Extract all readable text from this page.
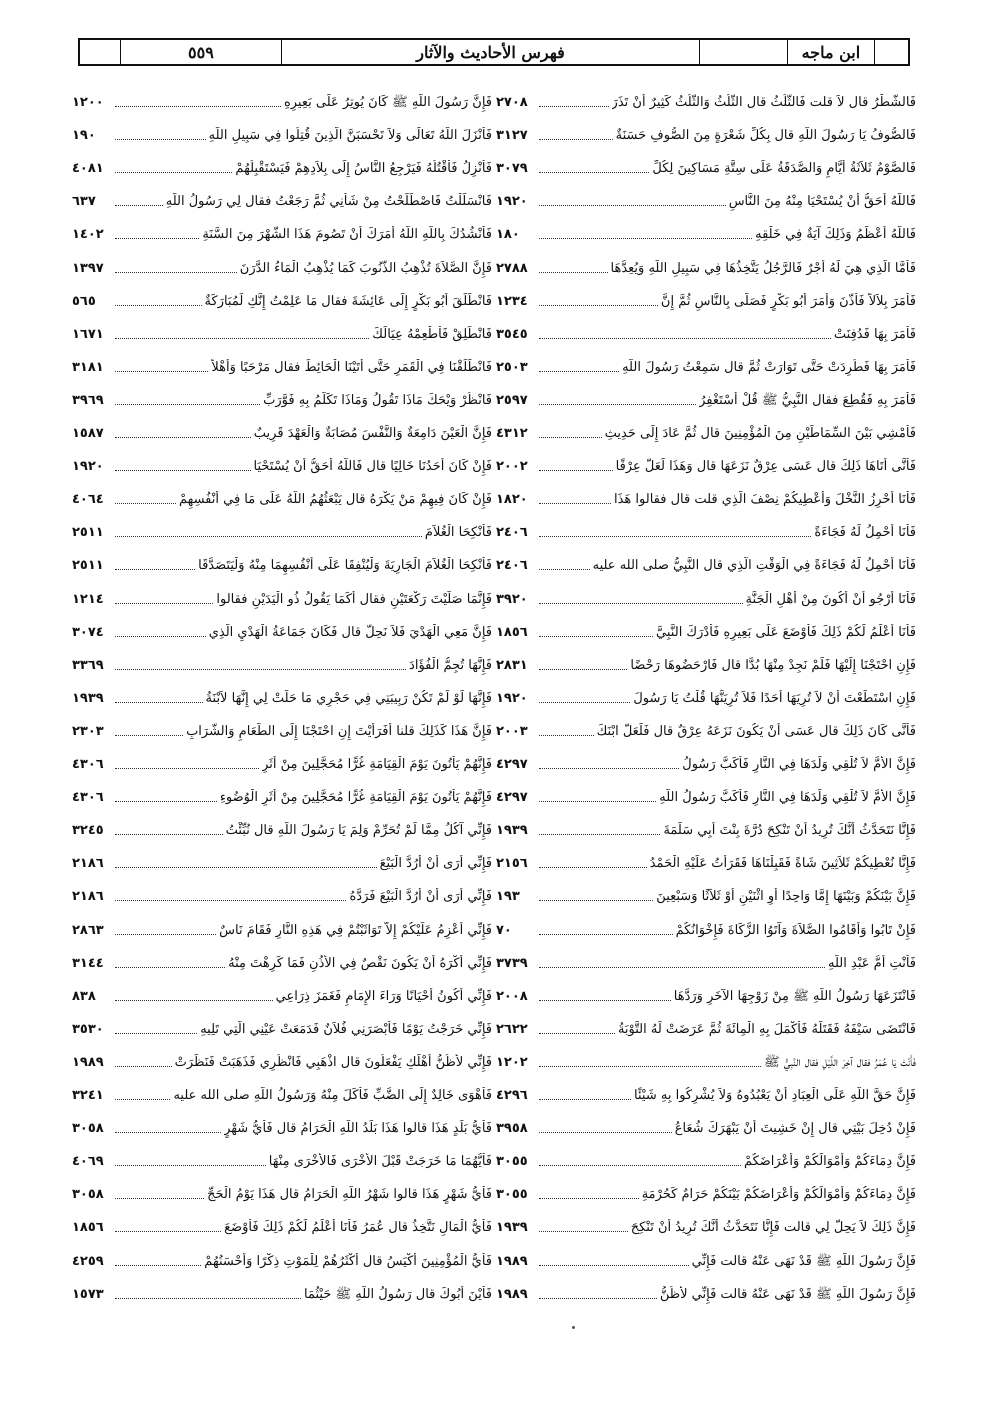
٥٥٩	فهرس الأحاديث والآثار	ابن ماجه
فَالشَّطْرُ قال لاَ قلت فَالثُّلُثُ قال الثُّلُثُ وَالثُّلُثُ كَثِيرٌ أَنْ تَذَرَ
٢٧٠٨
فَالصُّوفُ يَا رَسُولَ اللّهِ قال بِكُلِّ شَعْرَةٍ مِنَ الصُّوفِ حَسَنَةٌ
٣١٢٧
فَالصَّوْمُ ثَلاَثَةُ أَيَّامٍ وَالصَّدَقَةُ عَلَى سِتَّةِ مَسَاكِينَ لِكُلِّ
٣٠٧٩
فَاللّهُ أَحَقُّ أَنْ يُسْتَحْيَا مِنْهُ مِنَ النَّاسِ
١٩٢٠
فَاللّهُ أَعْظَمُ وَذَلِكَ آيَةٌ فِي خَلْقِهِ
١٨٠
فَأَمَّا الَّذِي هِيَ لَهُ أَجْرٌ فَالرَّجُلُ يَتَّخِذُهَا فِي سَبِيلِ اللّهِ وَيُعِدُّهَا
٢٧٨٨
فَأَمَرَ بِلاَلاً فَأَذَّنَ وَأَمَرَ أَبُو بَكْرٍ فَصَلَّى بِالنَّاسِ ثُمَّ إِنَّ
١٢٣٤
فَأَمَرَ بِهَا فَدُفِنَتْ
٣٥٤٥
فَأَمَرَ بِهَا فَطُرِدَتْ حَتَّى تَوَارَتْ ثُمَّ قال سَمِعْتُ رَسُولَ اللّهِ
٢٥٠٣
فَأَمَرَ بِهِ فَقُطِعَ فقال النَّبِيُّ ﷺ قُلْ أَسْتَغْفِرُ
٢٥٩٧
فَأَمْشِي بَيْنَ السِّمَاطَيْنِ مِنَ الْمُؤْمِنِينَ قال ثُمَّ عَادَ إِلَى حَدِيثِ
٤٣١٢
فَأَنَّى أَتَاهَا ذَلِكَ قال عَسَى عِرْقٌ نَزَعَهَا قال وَهَذَا لَعَلَّ عِرْقًا
٢٠٠٢
فَأَنَا أُحْرِزُ النَّخْلَ وَأُعْطِيكُمْ نِصْفَ الَّذِي قلت قال فقالوا هَذَا
١٨٢٠
فَأَنَا أَحْمِلُ لَهُ فَجَاءَةً
٢٤٠٦
فَأَنَا أَحْمِلُ لَهُ فَجَاءَةً فِي الْوَقْتِ الَّذِي قال النَّبِيُّ صلى الله عليه
٢٤٠٦
فَأَنَا أَرْجُو أَنْ أَكُونَ مِنْ أَهْلِ الْجَنَّةِ
٣٩٢٠
فَأَنَا أَعْلَمُ لَكُمْ ذَلِكَ فَأَوْضَعَ عَلَى بَعِيرِهِ فَأَدْرَكَ النَّبِيَّ
١٨٥٦
فَإِنِ احْتَجْنَا إِلَيْهَا فَلَمْ نَجِدْ مِنْهَا بُدًّا قال فَارْحَضُوهَا رَحْضًا
٢٨٣١
فَإِنِ اسْتَطَعْتَ أَنْ لاَ تُرِيَهَا أَحَدًا فَلاَ تُرِيَنَّهَا قُلْتُ يَا رَسُولَ
١٩٢٠
فَأَنَّى كَانَ ذَلِكَ قال عَسَى أَنْ يَكُونَ نَزَعَهُ عِرْقٌ قال فَلَعَلَّ ابْنَكَ
٢٠٠٣
فَإِنَّ الأُمَّ لاَ تُلْقِي وَلَدَهَا فِي النَّارِ فَأَكَبَّ رَسُولُ
٤٢٩٧
فَإِنَّ الأُمَّ لاَ تُلْقِي وَلَدَهَا فِي النَّارِ فَأَكَبَّ رَسُولُ اللّهِ
٤٢٩٧
فَإِنَّا نَتَحَدَّثُ أَنَّكَ تُرِيدُ أَنْ تَنْكِحَ دُرَّةَ بِنْتَ أَبِي سَلَمَةَ
١٩٣٩
فَإِنَّا نُعْطِيكُمْ ثَلاَثِينَ شَاةً فَقَبِلْنَاهَا فَقَرَأْتُ عَلَيْهِ الْحَمْدُ
٢١٥٦
فَإِنَّ بَيْنَكُمْ وَبَيْنَهَا إِمَّا وَاحِدًا أَوِ اثْنَيْنِ أَوْ ثَلاَثًا وَسَبْعِينَ
١٩٣
فَإِنْ تَابُوا وَأَقَامُوا الصَّلاَةَ وَآتَوُا الزَّكَاةَ فَإِخْوَانُكُمْ
٧٠
فَأَنْتِ أُمُّ عَبْدِ اللّهِ
٣٧٣٩
فَانْتَزَعَهَا رَسُولُ اللّهِ ﷺ مِنْ زَوْجِهَا الآخَرِ وَرَدَّهَا
٢٠٠٨
فَانْتَضَى سَيْفَهُ فَقَتَلَهُ فَأَكْمَلَ بِهِ الْمِائَةَ ثُمَّ عَرَضَتْ لَهُ التَّوْبَةُ
٢٦٢٢
فَأَنْتَ يَا عُمَرُ فقال آخِرَ اللَّيْلِ فقال النَّبِيُّ ﷺ
١٢٠٢
فَإِنَّ حَقَّ اللّهِ عَلَى الْعِبَادِ أَنْ يَعْبُدُوهُ وَلاَ يُشْرِكُوا بِهِ شَيْئًا
٤٢٩٦
فَإِنْ دُخِلَ بَيْتِي قال إِنْ خَشِيتَ أَنْ يَبْهَرَكَ شُعَاعُ
٣٩٥٨
فَإِنَّ دِمَاءَكُمْ وَأَمْوَالَكُمْ وَأَعْرَاضَكُمْ
٣٠٥٥
فَإِنَّ دِمَاءَكُمْ وَأَمْوَالَكُمْ وَأَعْرَاضَكُمْ بَيْنَكُمْ حَرَامٌ كَحُرْمَةِ
٣٠٥٥
فَإِنَّ ذَلِكَ لاَ يَحِلُّ لِي قالت فَإِنَّا نَتَحَدَّثُ أَنَّكَ تُرِيدُ أَنْ تَنْكِحَ
١٩٣٩
فَإِنَّ رَسُولَ اللّهِ ﷺ قَدْ نَهَى عَنْهُ قالت فَإِنِّي
١٩٨٩
فَإِنَّ رَسُولَ اللّهِ ﷺ قَدْ نَهَى عَنْهُ قالت فَإِنِّي لأَظُنُّ
١٩٨٩
فَإِنَّ رَسُولَ اللّهِ ﷺ كَانَ يُوتِرُ عَلَى بَعِيرِهِ
١٢٠٠
فَأَنْزَلَ اللّهُ تَعَالَى وَلاَ تَحْسَبَنَّ الَّذِينَ قُتِلُوا فِي سَبِيلِ اللّهِ
١٩٠
فَأَنْزِلُ فَأَقْتُلُهُ فَيَرْجِعُ النَّاسُ إِلَى بِلاَدِهِمْ فَيَسْتَقْبِلُهُمْ
٤٠٨١
فَانْسَلَلْتُ فَاصْطَلَحْتُ مِنْ شَأْنِي ثُمَّ رَجَعْتُ فقال لِي رَسُولُ اللّهِ
٦٣٧
فَأَنْشُدُكَ بِاللّهِ اللّهُ أَمَرَكَ أَنْ تَصُومَ هَذَا الشَّهْرَ مِنَ السَّنَةِ
١٤٠٢
فَإِنَّ الصَّلاَةَ تُذْهِبُ الذُّنُوبَ كَمَا يُذْهِبُ الْمَاءُ الدَّرَنَ
١٣٩٧
فَانْطَلَقَ أَبُو بَكْرٍ إِلَى عَائِشَةَ فقال مَا عَلِمْتُ إِنَّكِ لَمُبَارَكَةٌ
٥٦٥
فَانْطَلِقْ فَأَطْعِمْهُ عِيَالَكَ
١٦٧١
فَانْطَلَقْنَا فِي الْقَمَرِ حَتَّى أَتَيْنَا الْحَائِطَ فقال مَرْحَبًا وَأَهْلاً
٣١٨١
فَانْظُرْ وَيْحَكَ مَاذَا تَقُولُ وَمَاذَا تَكَلَّمُ بِهِ فَوَّرَبِّ
٣٩٦٩
فَإِنَّ الْعَيْنَ دَامِعَةٌ وَالنَّفْسَ مُصَابَةٌ وَالْعَهْدَ قَرِيبٌ
١٥٨٧
فَإِنْ كَانَ أَحَدُنَا خَالِيًا قال فَاللّهُ أَحَقُّ أَنْ يُسْتَحْيَا
١٩٢٠
فَإِنْ كَانَ فِيهِمْ مَنْ يَكْرَهُ قال يَبْعَثُهُمُ اللّهُ عَلَى مَا فِي أَنْفُسِهِمْ
٤٠٦٤
فَأَنْكِحَا الْغُلاَمَ
٢٥١١
فَأَنْكِحَا الْغُلاَمَ الْجَارِيَةَ وَلْيُنْفِقَا عَلَى أَنْفُسِهِمَا مِنْهُ وَلْيَتَصَدَّقَا
٢٥١١
فَإِنَّمَا صَلَّيْتَ رَكْعَتَيْنِ فقال أَكَمَا يَقُولُ ذُو الْيَدَيْنِ فقالوا
١٢١٤
فَإِنَّ مَعِي الْهَدْيَ فَلاَ نَحِلُّ قال فَكَانَ جَمَاعَةُ الْهَدْيِ الَّذِي
٣٠٧٤
فَإِنَّهَا تُجِمُّ الْفُؤَادَ
٣٣٦٩
فَإِنَّهَا لَوْ لَمْ تَكُنْ رَبِيبَتِي فِي حَجْرِي مَا حَلَّتْ لِي إِنَّهَا لاَبْنَةُ
١٩٣٩
فَإِنَّ هَذَا كَذَلِكَ قلنا أَفَرَأَيْتَ إِنِ احْتَجْنَا إِلَى الطَّعَامِ وَالشَّرَابِ
٢٣٠٣
فَإِنَّهُمْ يَأْتُونَ يَوْمَ الْقِيَامَةِ غُرًّا مُحَجَّلِينَ مِنْ أَثَرِ
٤٣٠٦
فَإِنَّهُمْ يَأْتُونَ يَوْمَ الْقِيَامَةِ غُرًّا مُحَجَّلِينَ مِنْ أَثَرِ الْوُضُوءِ
٤٣٠٦
فَإِنِّي آكُلُ مِمَّا لَمْ تُحَرِّمْ وَلِمَ يَا رَسُولَ اللّهِ قال نُبِّئْتُ
٣٢٤٥
فَإِنِّي أَرَى أَنْ أَرُدَّ الْبَيْعَ
٢١٨٦
فَإِنِّي أَرَى أَنْ أَرُدَّ الْبَيْعَ فَرَدَّهُ
٢١٨٦
فَإِنِّي أَعْزِمُ عَلَيْكُمْ إِلاَّ تَوَاثَبْتُمْ فِي هَذِهِ النَّارِ فَقَامَ نَاسٌ
٢٨٦٣
فَإِنِّي أَكْرَهُ أَنْ يَكُونَ نَقْصٌ فِي الأُذُنِ فَمَا كَرِهْتَ مِنْهُ
٣١٤٤
فَإِنِّي أَكُونُ أَحْيَانًا وَرَاءَ الإِمَامِ فَغَمَزَ ذِرَاعِي
٨٣٨
فَإِنِّي خَرَجْتُ يَوْمًا فَأَبْصَرَنِي فُلاَنٌ فَدَمَعَتْ عَيْنِي الَّتِي تَلِيهِ
٣٥٣٠
فَإِنِّي لأَظُنُّ أَهْلَكِ يَفْعَلُونَ قال اذْهَبِي فَانْظُرِي فَذَهَبَتْ فَنَظَرَتْ
١٩٨٩
فَأَهْوَى خَالِدٌ إِلَى الضَّبِّ فَأَكَلَ مِنْهُ وَرَسُولُ اللّهِ صلى الله عليه
٣٢٤١
فَأَيُّ بَلَدٍ هَذَا قالوا هَذَا بَلَدُ اللّهِ الْحَرَامُ قال فَأَيُّ شَهْرٍ
٣٠٥٨
فَأَيُّهُمَا مَا خَرَجَتْ قَبْلَ الأُخْرَى فَالأُخْرَى مِنْهَا
٤٠٦٩
فَأَيُّ شَهْرٍ هَذَا قالوا شَهْرُ اللّهِ الْحَرَامُ قال هَذَا يَوْمُ الْحَجِّ
٣٠٥٨
فَأَيُّ الْمَالِ نَتَّخِذُ قال عُمَرُ فَأَنَا أَعْلَمُ لَكُمْ ذَلِكَ فَأَوْضَعَ
١٨٥٦
فَأَيُّ الْمُؤْمِنِينَ أَكْيَسُ قال أَكْثَرُهُمْ لِلْمَوْتِ ذِكْرًا وَأَحْسَنُهُمْ
٤٢٥٩
فَأَيْنَ أَبُوكَ قال رَسُولُ اللّهِ ﷺ حَيْثُمَا
١٥٧٣
